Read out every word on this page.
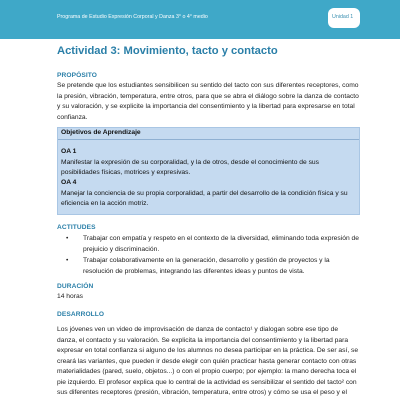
Programa de Estudio Expresión Corporal y Danza 3° o 4° medio	Unidad 1
Actividad 3: Movimiento, tacto y contacto
PROPÓSITO
Se pretende que los estudiantes sensibilicen su sentido del tacto con sus diferentes receptores, como la presión, vibración, temperatura, entre otros, para que se abra el diálogo sobre la danza de contacto y su valoración, y se explicite la importancia del consentimiento y la libertad para expresarse en total confianza.
Objetivos de Aprendizaje
OA 1
Manifestar la expresión de su corporalidad, y la de otros, desde el conocimiento de sus posibilidades físicas, motrices y expresivas.
OA 4
Manejar la conciencia de su propia corporalidad, a partir del desarrollo de la condición física y su eficiencia en la acción motriz.
ACTITUDES
• Trabajar con empatía y respeto en el contexto de la diversidad, eliminando toda expresión de prejuicio y discriminación.
• Trabajar colaborativamente en la generación, desarrollo y gestión de proyectos y la resolución de problemas, integrando las diferentes ideas y puntos de vista.
DURACIÓN
14 horas
DESARROLLO
Los jóvenes ven un video de improvisación de danza de contacto¹ y dialogan sobre ese tipo de danza, el contacto y su valoración. Se explicita la importancia del consentimiento y la libertad para expresar en total confianza si alguno de los alumnos no desea participar en la práctica. De ser así, se creará las variantes, que pueden ir desde elegir con quién practicar hasta generar contacto con otras materialidades (pared, suelo, objetos...) o con el propio cuerpo; por ejemplo: la mano derecha toca el pie izquierdo. El profesor explica que lo central de la actividad es sensibilizar el sentido del tacto² con sus diferentes receptores (presión, vibración, temperatura, entre otros) y cómo se usa el peso y el
